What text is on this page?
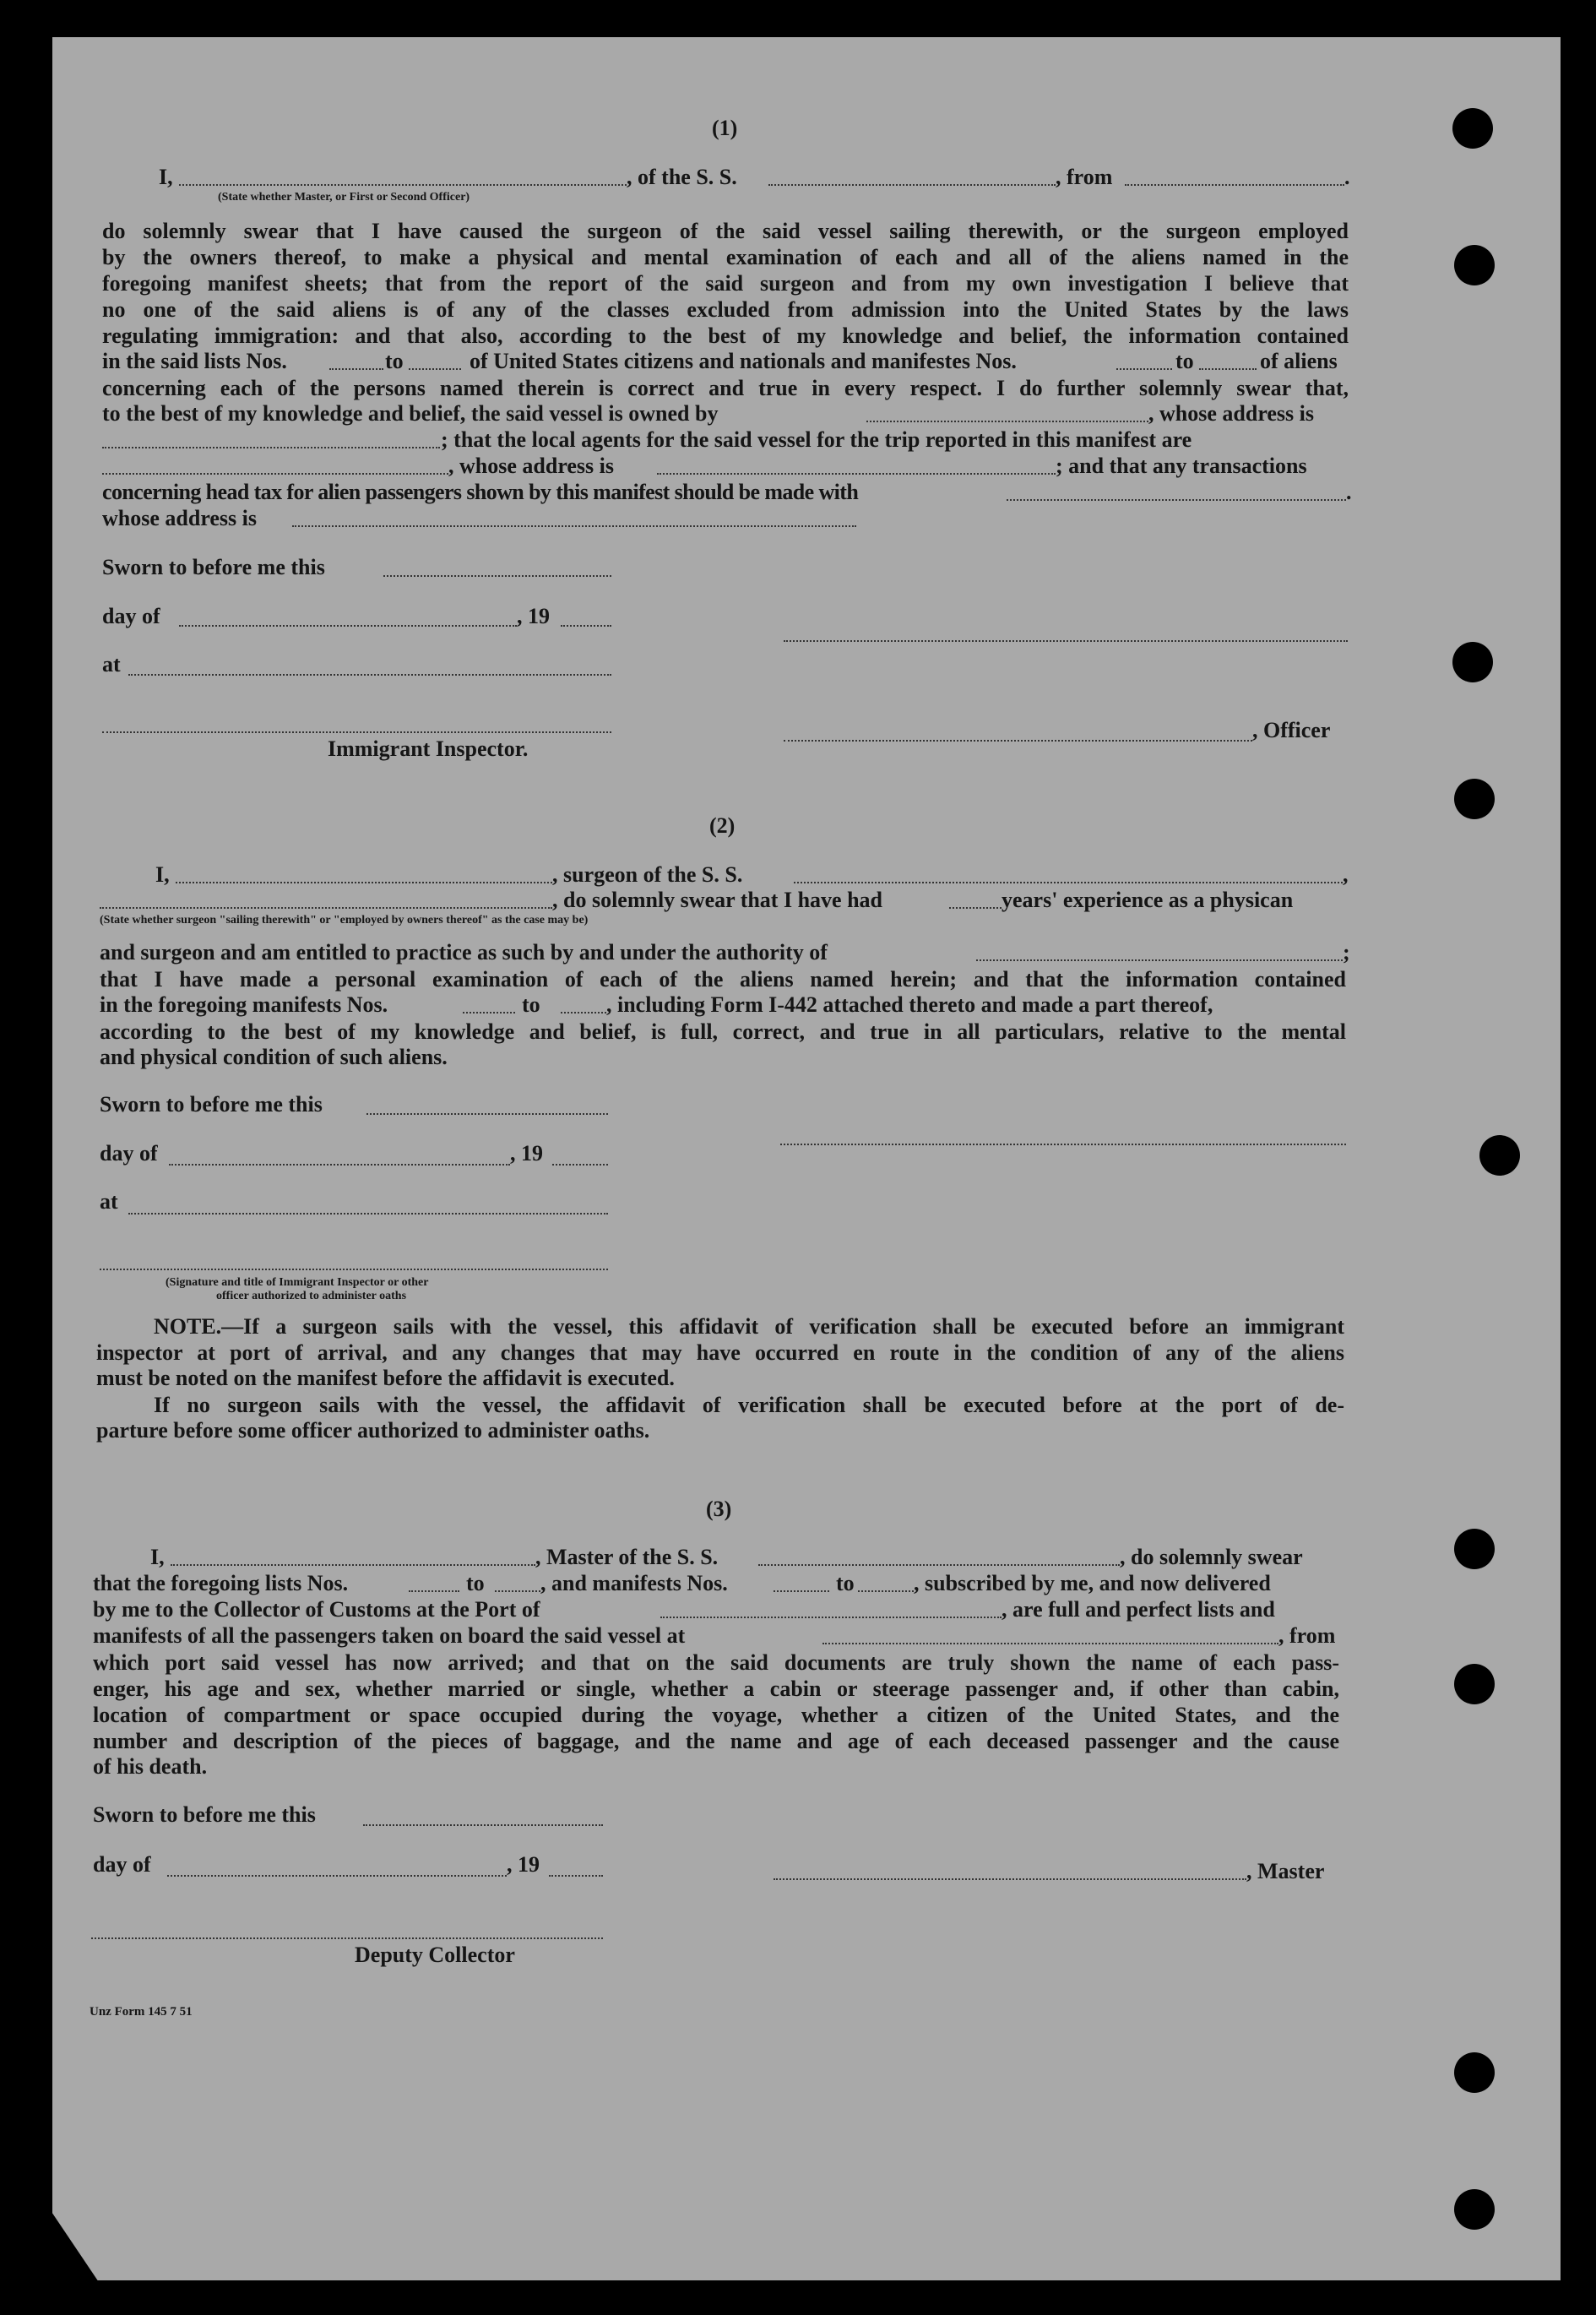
(1)
I,	, of the S. S.	, from	.
(State whether Master, or First or Second Officer)
do solemnly swear that I have caused the surgeon of the said vessel sailing therewith, or the surgeon employed
by the owners thereof, to make a physical and mental examination of each and all of the aliens named in the
foregoing manifest sheets; that from the report of the said surgeon and from my own investigation I believe that
no one of the said aliens is of any of the classes excluded from admission into the United States by the laws
regulating immigration: and that also, according to the best of my knowledge and belief, the information contained
in the said lists Nos.	to	of United States citizens and nationals and manifestes Nos.	to	of aliens
concerning each of the persons named therein is correct and true in every respect. I do further solemnly swear that,
to the best of my knowledge and belief, the said vessel is owned by	, whose address is
; that the local agents for the said vessel for the trip reported in this manifest are
, whose address is	; and that any transactions
concerning head tax for alien passengers shown by this manifest should be made with	.
whose address is
Sworn to before me this
day of	, 19
at
, Officer
Immigrant Inspector.
(2)
I,	, surgeon of the S. S.	,
, do solemnly swear that I have had	years' experience as a physican
(State whether surgeon "sailing therewith" or "employed by owners thereof" as the case may be)
and surgeon and am entitled to practice as such by and under the authority of	;
that I have made a personal examination of each of the aliens named herein; and that the information contained
in the foregoing manifests Nos.	to	, including Form I-442 attached thereto and made a part thereof,
according to the best of my knowledge and belief, is full, correct, and true in all particulars, relative to the mental
and physical condition of such aliens.
Sworn to before me this
day of	, 19
at
(Signature and title of Immigrant Inspector or other
officer authorized to administer oaths
NOTE.—If a surgeon sails with the vessel, this affidavit of verification shall be executed before an immigrant
inspector at port of arrival, and any changes that may have occurred en route in the condition of any of the aliens
must be noted on the manifest before the affidavit is executed.
If no surgeon sails with the vessel, the affidavit of verification shall be executed before at the port of de-
parture before some officer authorized to administer oaths.
(3)
I,	, Master of the S. S.	, do solemnly swear
that the foregoing lists Nos.	to	, and manifests Nos.	to	, subscribed by me, and now delivered
by me to the Collector of Customs at the Port of	, are full and perfect lists and
manifests of all the passengers taken on board the said vessel at	, from
which port said vessel has now arrived; and that on the said documents are truly shown the name of each pass-
enger, his age and sex, whether married or single, whether a cabin or steerage passenger and, if other than cabin,
location of compartment or space occupied during the voyage, whether a citizen of the United States, and the
number and description of the pieces of baggage, and the name and age of each deceased passenger and the cause
of his death.
Sworn to before me this
day of	, 19	, Master
Deputy Collector
Unz Form 145 7 51
